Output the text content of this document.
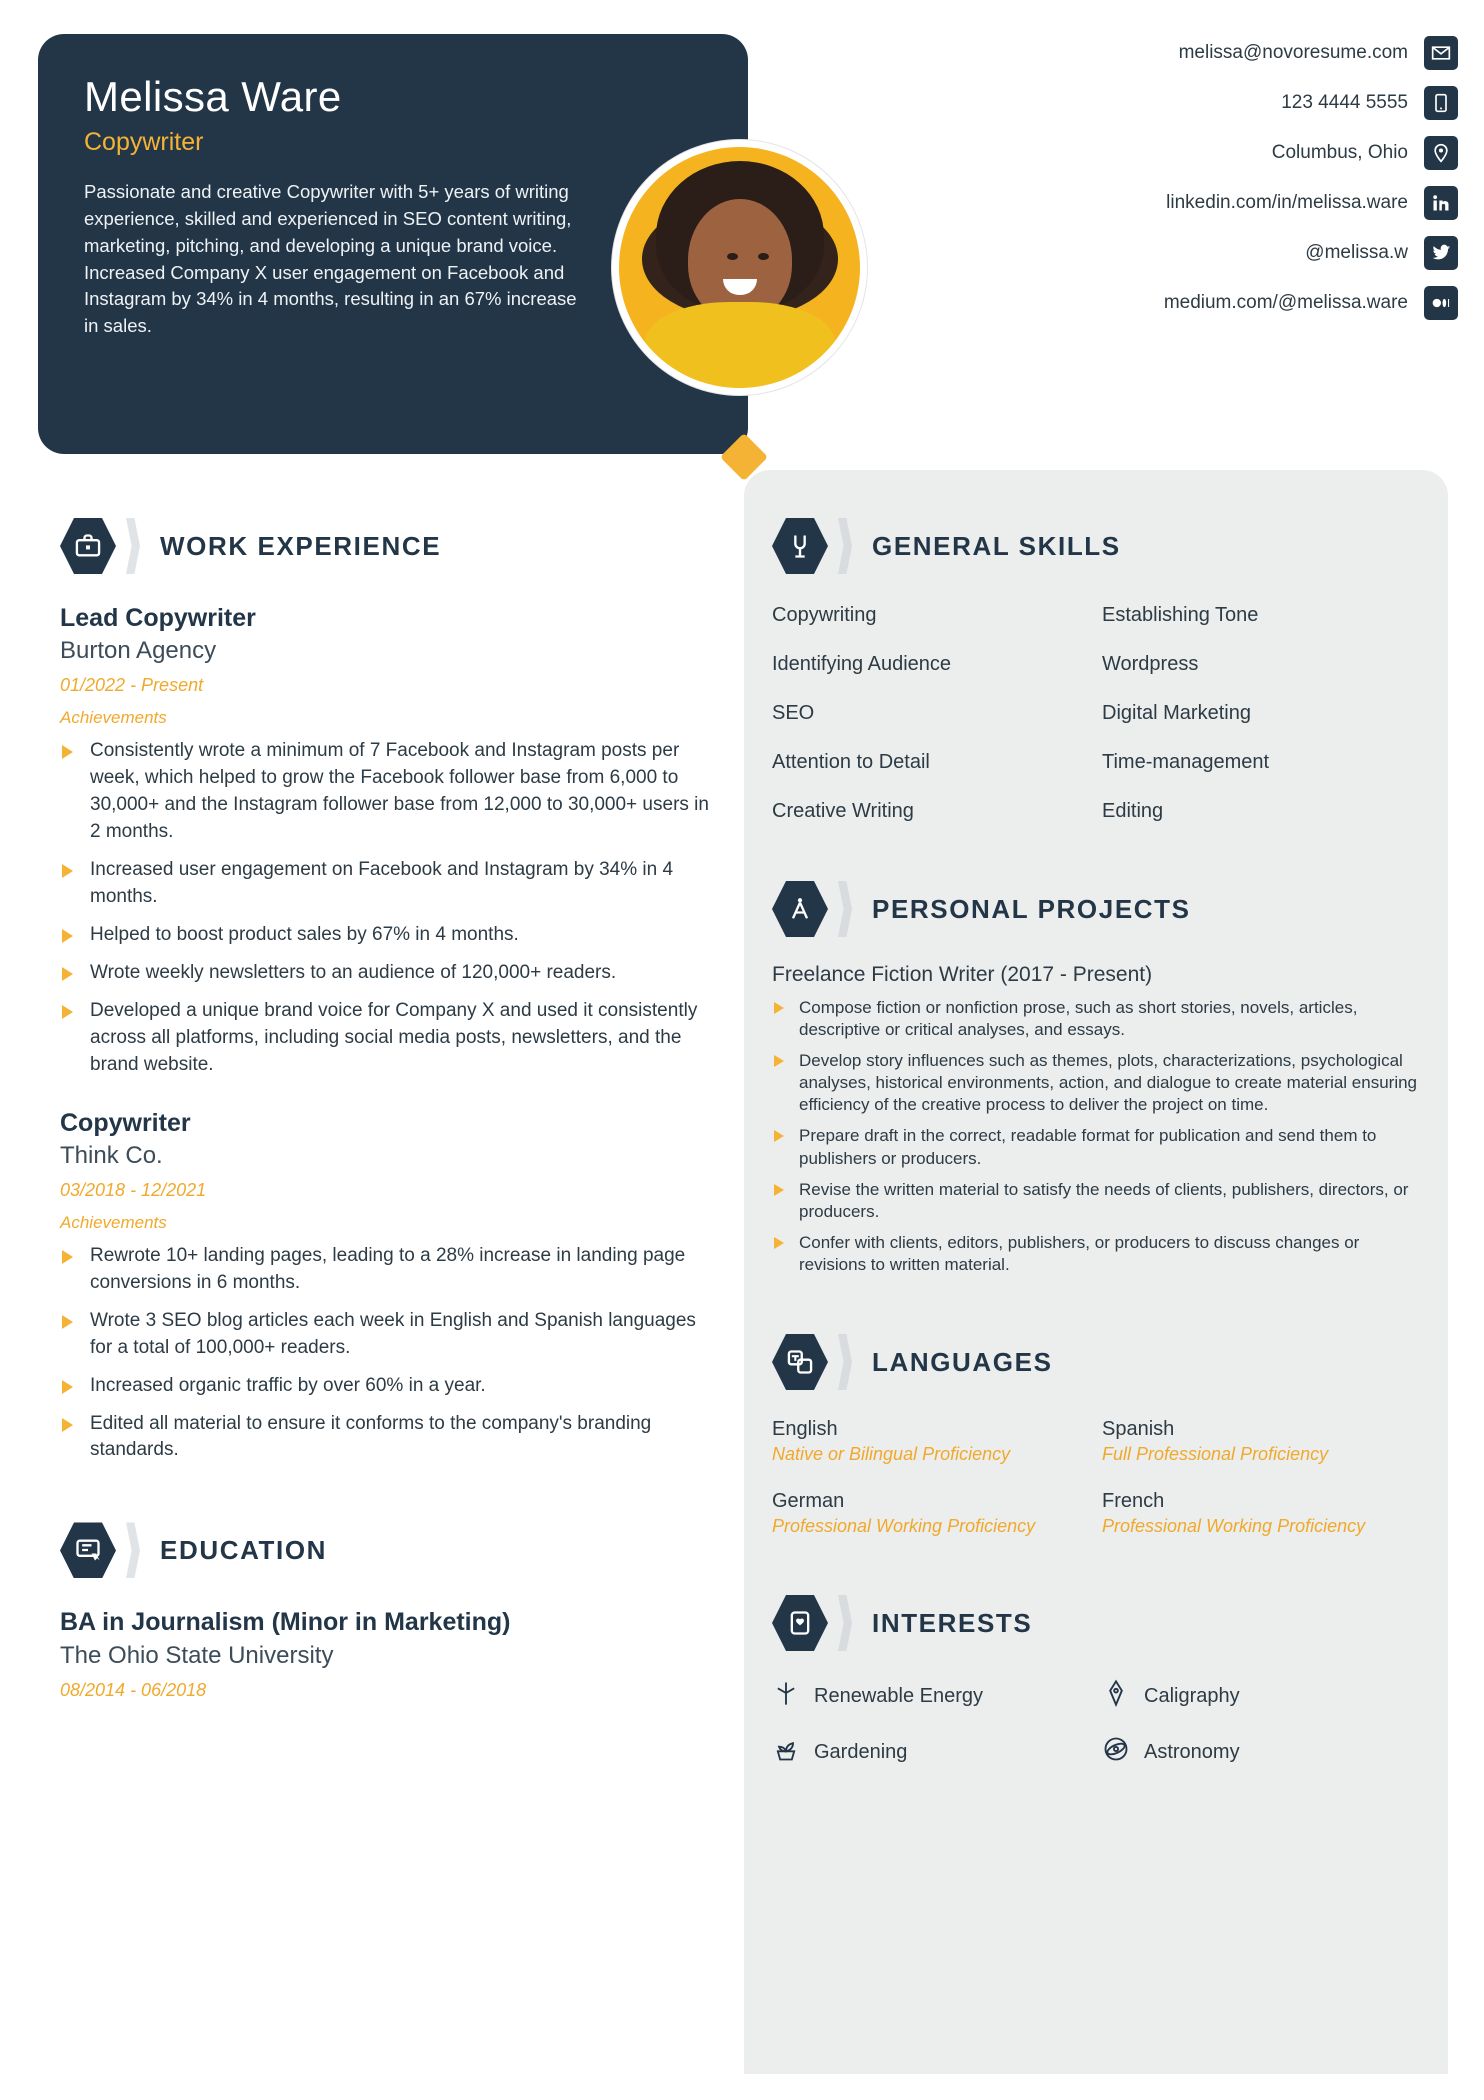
Melissa Ware
Copywriter
Passionate and creative Copywriter with 5+ years of writing experience, skilled and experienced in SEO content writing, marketing, pitching, and developing a unique brand voice. Increased Company X user engagement on Facebook and Instagram by 34% in 4 months, resulting in an 67% increase in sales.
melissa@novoresume.com
123 4444 5555
Columbus, Ohio
linkedin.com/in/melissa.ware
@melissa.w
medium.com/@melissa.ware
WORK EXPERIENCE
Lead Copywriter
Burton Agency
01/2022 - Present
Achievements
Consistently wrote a minimum of 7 Facebook and Instagram posts per week, which helped to grow the Facebook follower base from 6,000 to 30,000+ and the Instagram follower base from 12,000 to 30,000+ users in 2 months.
Increased user engagement on Facebook and Instagram by 34% in 4 months.
Helped to boost product sales by 67% in 4 months.
Wrote weekly newsletters to an audience of 120,000+ readers.
Developed a unique brand voice for Company X and used it consistently across all platforms, including social media posts, newsletters, and the brand website.
Copywriter
Think Co.
03/2018 - 12/2021
Achievements
Rewrote 10+ landing pages, leading to a 28% increase in landing page conversions in 6 months.
Wrote 3 SEO blog articles each week in English and Spanish languages for a total of 100,000+ readers.
Increased organic traffic by over 60% in a year.
Edited all material to ensure it conforms to the company's branding standards.
EDUCATION
BA in Journalism (Minor in Marketing)
The Ohio State University
08/2014 - 06/2018
GENERAL SKILLS
Copywriting	Establishing Tone
Identifying Audience	Wordpress
SEO	Digital Marketing
Attention to Detail	Time-management
Creative Writing	Editing
PERSONAL PROJECTS
Freelance Fiction Writer (2017 - Present)
Compose fiction or nonfiction prose, such as short stories, novels, articles, descriptive or critical analyses, and essays.
Develop story influences such as themes, plots, characterizations, psychological analyses, historical environments, action, and dialogue to create material ensuring efficiency of the creative process to deliver the project on time.
Prepare draft in the correct, readable format for publication and send them to publishers or producers.
Revise the written material to satisfy the needs of clients, publishers, directors, or producers.
Confer with clients, editors, publishers, or producers to discuss changes or revisions to written material.
LANGUAGES
English
Native or Bilingual Proficiency
Spanish
Full Professional Proficiency
German
Professional Working Proficiency
French
Professional Working Proficiency
INTERESTS
Renewable Energy	Caligraphy
Gardening	Astronomy
